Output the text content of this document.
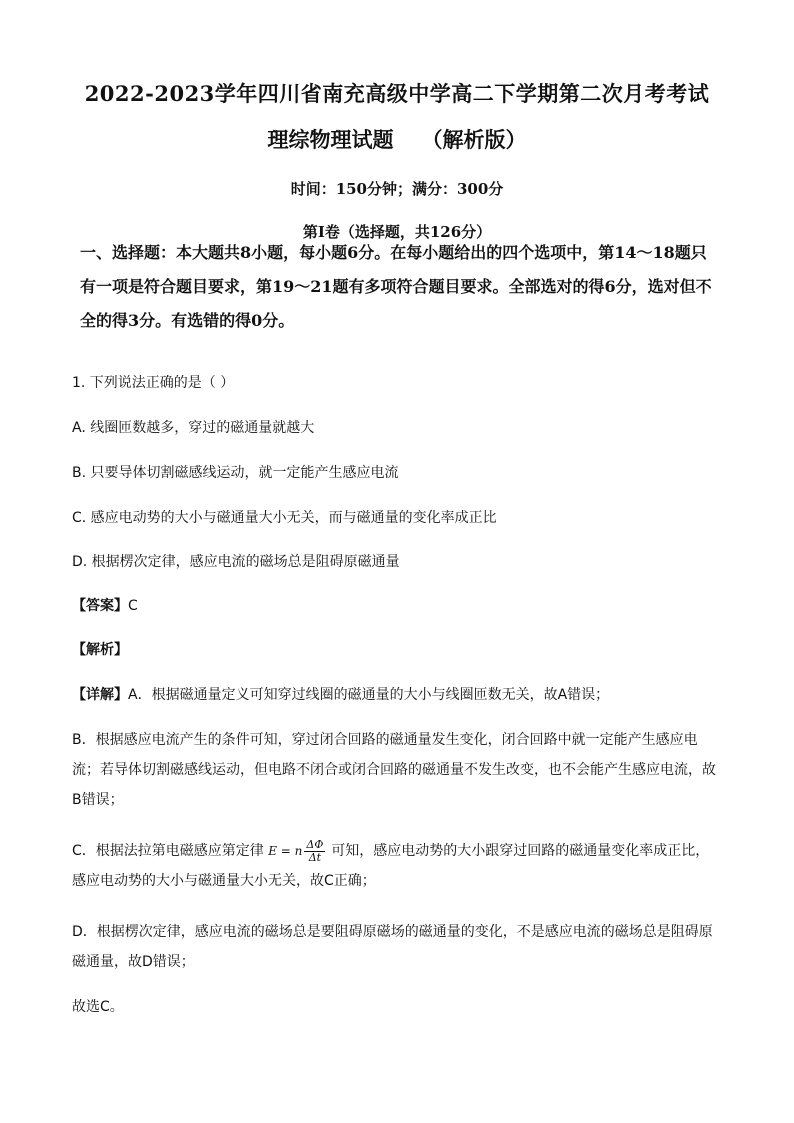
2022-2023学年四川省南充高级中学高二下学期第二次月考考试
理综物理试题 （解析版）
时间：150分钟；满分：300分
第Ⅰ卷（选择题，共126分）
一、选择题：本大题共8小题，每小题6分。在每小题给出的四个选项中，第14～18题只有一项是符合题目要求，第19～21题有多项符合题目要求。全部选对的得6分，选对但不全的得3分。有选错的得0分。
1. 下列说法正确的是（ ）
A. 线圈匝数越多，穿过的磁通量就越大
B. 只要导体切割磁感线运动，就一定能产生感应电流
C. 感应电动势的大小与磁通量大小无关，而与磁通量的变化率成正比
D. 根据楞次定律，感应电流的磁场总是阻碍原磁通量
【答案】C
【解析】
【详解】A．根据磁通量定义可知穿过线圈的磁通量的大小与线圈匝数无关，故A错误；
B．根据感应电流产生的条件可知，穿过闭合回路的磁通量发生变化，闭合回路中就一定能产生感应电流；若导体切割磁感线运动，但电路不闭合或闭合回路的磁通量不发生改变，也不会能产生感应电流，故B错误；
C．根据法拉第电磁感应第定律 E = n $\frac{\Delta\Phi}{\Delta t}$ 可知，感应电动势的大小跟穿过回路的磁通量变化率成正比，感应电动势的大小与磁通量大小无关，故C正确；
D．根据楞次定律，感应电流的磁场总是要阻碍原磁场的磁通量的变化，不是感应电流的磁场总是阻碍原磁通量，故D错误；
故选C。
